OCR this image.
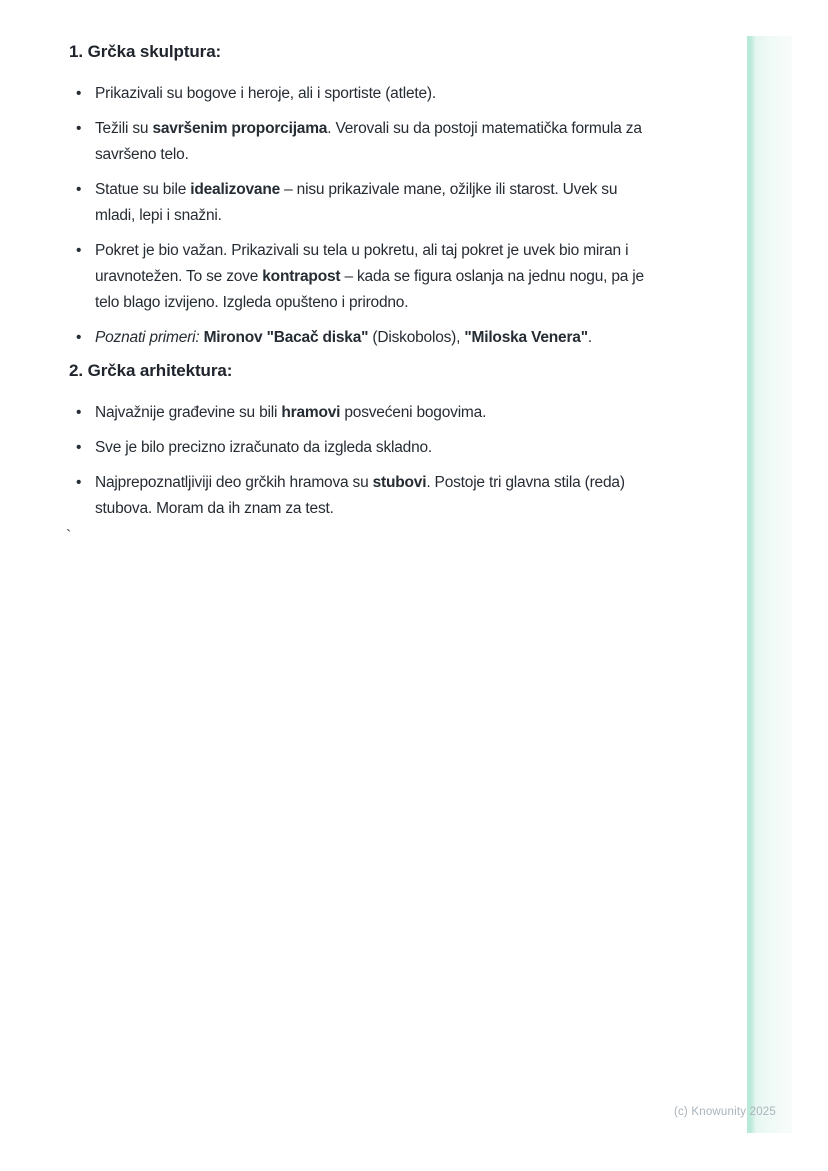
1. Grčka skulptura:
• Prikazivali su bogove i heroje, ali i sportiste (atlete).
• Težili su savršenim proporcijama. Verovali su da postoji matematička formula za savršeno telo.
• Statue su bile idealizovane – nisu prikazivale mane, ožiljke ili starost. Uvek su mladi, lepi i snažni.
• Pokret je bio važan. Prikazivali su tela u pokretu, ali taj pokret je uvek bio miran i uravnotežen. To se zove kontrapost – kada se figura oslanja na jednu nogu, pa je telo blago izvijeno. Izgleda opušteno i prirodno.
• Poznati primeri: Mironov "Bacač diska" (Diskobolos), "Miloska Venera".
2. Grčka arhitektura:
• Najvažnije građevine su bili hramovi posvećeni bogovima.
• Sve je bilo precizno izračunato da izgleda skladno.
• Najprepoznatljiviji deo grčkih hramova su stubovi. Postoje tri glavna stila (reda) stubova. Moram da ih znam za test.
`
(c) Knowunity 2025
